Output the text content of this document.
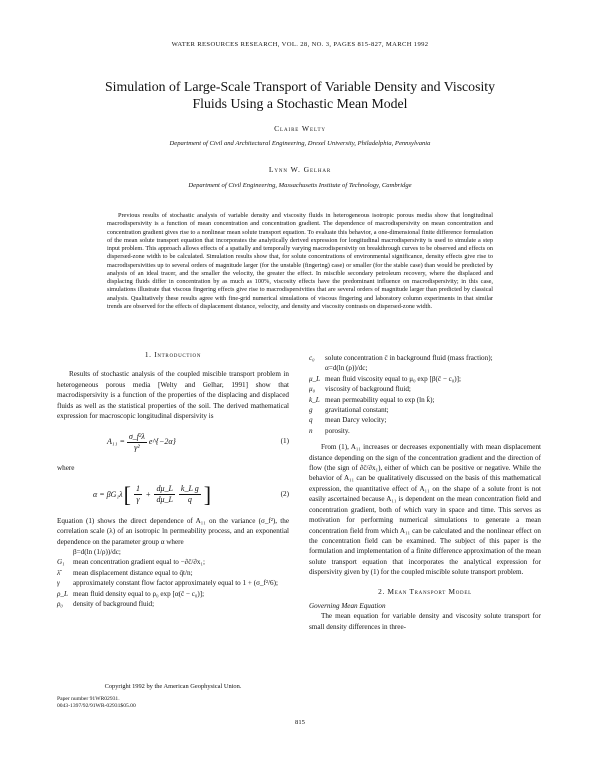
WATER RESOURCES RESEARCH, VOL. 28, NO. 3, PAGES 815-827, MARCH 1992
Simulation of Large-Scale Transport of Variable Density and Viscosity
Fluids Using a Stochastic Mean Model
Claire Welty
Department of Civil and Architectural Engineering, Drexel University, Philadelphia, Pennsylvania
Lynn W. Gelhar
Department of Civil Engineering, Massachusetts Institute of Technology, Cambridge

Previous results of stochastic analysis of variable density and viscosity fluids in heterogeneous isotropic porous media show that longitudinal macrodispersivity is a function of mean concentration and concentration gradient. The dependence of macrodispersivity on mean concentration and concentration gradient gives rise to a nonlinear mean solute transport equation. To evaluate this behavior, a one-dimensional finite difference formulation of the mean solute transport equation that incorporates the analytically derived expression for longitudinal macrodispersivity is used to simulate a step input problem. This approach allows effects of a spatially and temporally varying macrodispersivity on breakthrough curves to be observed and effects on dispersed-zone width to be calculated. Simulation results show that, for solute concentrations of environmental significance, density effects give rise to macrodispersivities up to several orders of magnitude larger (for the unstable (fingering) case) or smaller (for the stable case) than would be predicted by analysis of an ideal tracer, and the smaller the velocity, the greater the effect. In miscible secondary petroleum recovery, where the displaced and displacing fluids differ in concentration by as much as 100%, viscosity effects have the predominant influence on macrodispersivity; in this case, simulations illustrate that viscous fingering effects give rise to macrodispersivities that are several orders of magnitude larger than predicted by classical analysis. Qualitatively these results agree with fine-grid numerical simulations of viscous fingering and laboratory column experiments in that similar trends are observed for the effects of displacement distance, velocity, and density and viscosity contrasts on dispersed-zone width.

1. Introduction

Results of stochastic analysis of the coupled miscible transport problem in heterogeneous porous media [Welty and Gelhar, 1991] show that macrodispersivity is a function of the properties of the displacing and displaced fluids as well as the statistical properties of the soil. The derived mathematical expression for macroscopic longitudinal dispersivity is

$A_{11} = \frac{\text{σ\_f²λ}}{\text{γ²}}$ e^{−2α}	(1)

where

α = βG₁λ [ $\frac{1}{\gamma} + \frac{d\mu\_L}{d\mu\_L} \frac{\text{k\_L g}}{q}$ ]	(2)

Equation (1) shows the direct dependence of A₁₁ on the variance (σ_f²), the correlation scale (λ) of an isotropic ln permeability process, and an exponential dependence on the parameter group α where

β=d(ln (1/ρ))/dc;
G₁	mean concentration gradient equal to −∂c̄/∂x₁;
λ̄	mean displacement distance equal to q̄t/n;
γ	approximately constant flow factor approximately equal to 1 + (σ_f²/6);
ρ_L mean fluid density equal to ρ₀ exp [α(c̄ − c₀)];
ρ₀	density of background fluid;
c₀	solute concentration c̄ in background fluid (mass fraction);
α=d(ln (ρ))/dc;
μ_L mean fluid viscosity equal to μ₀ exp [β(c̄ − c₀)];
μ₀	viscosity of background fluid;
k_L mean permeability equal to exp (ln k̄);
g	gravitational constant;
q	mean Darcy velocity;
n	porosity.

From (1), A₁₁ increases or decreases exponentially with mean displacement distance depending on the sign of the concentration gradient and the direction of flow (the sign of ∂c̄/∂x₁), either of which can be positive or negative. While the behavior of A₁₁ can be qualitatively discussed on the basis of this mathematical expression, the quantitative effect of A₁₁ on the shape of a solute front is not easily ascertained because A₁₁ is dependent on the mean concentration field and concentration gradient, both of which vary in space and time. This serves as motivation for performing numerical simulations to generate a mean concentration field from which A₁₁ can be calculated and the nonlinear effect on the concentration field can be examined. The subject of this paper is the formulation and implementation of a finite difference approximation of the mean solute transport equation that incorporates the analytical expression for dispersivity given by (1) for the coupled miscible solute transport problem.

2. Mean Transport Model

Governing Mean Equation

The mean equation for variable density and viscosity solute transport for small density differences in three-

Copyright 1992 by the American Geophysical Union.
Paper number 91WR02931.
0043-1397/92/91WR-02931$05.00
815
